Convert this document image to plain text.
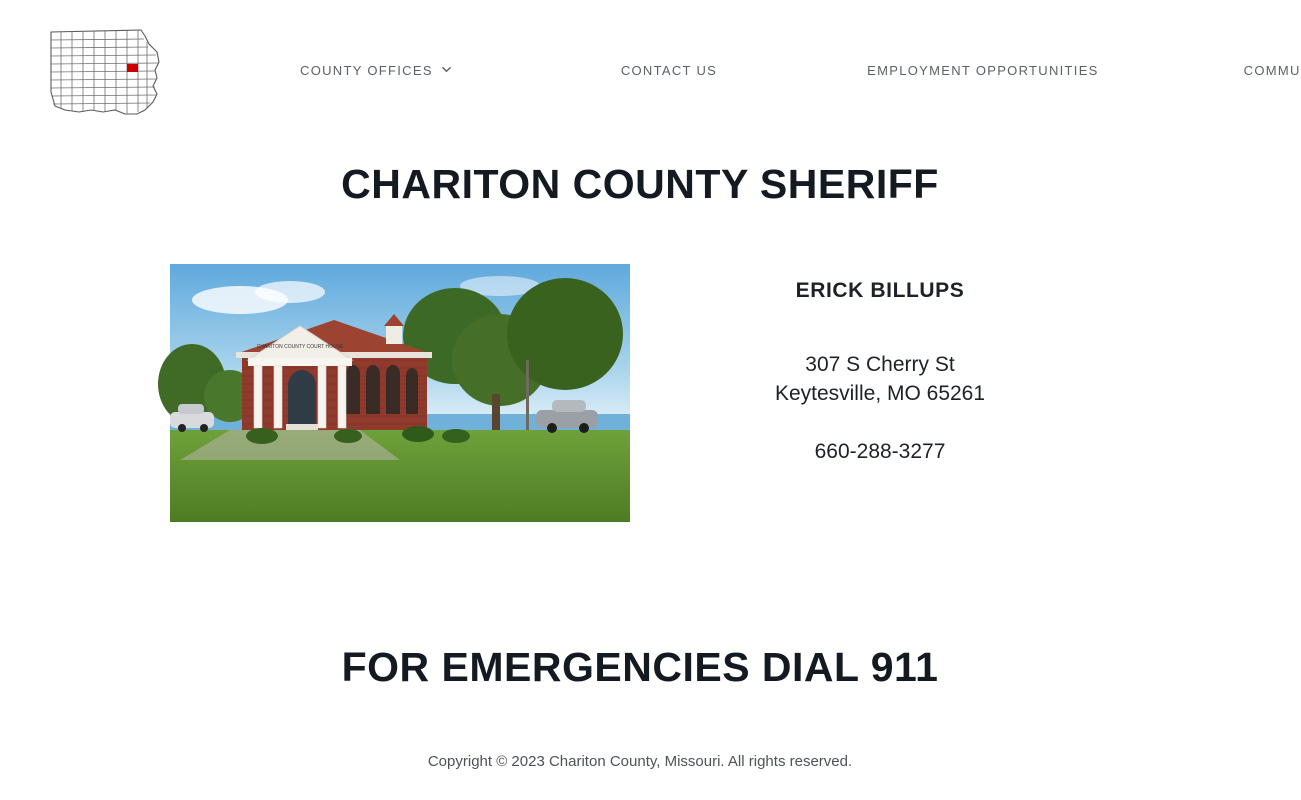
COUNTY OFFICES	CONTACT US	EMPLOYMENT OPPORTUNITIES	COMMU
CHARITON COUNTY SHERIFF
CHARITON COUNTY COURT HOUSE
ERICK BILLUPS
307 S Cherry St
Keytesville, MO 65261
660-288-3277
FOR EMERGENCIES DIAL 911
Copyright © 2023 Chariton County, Missouri. All rights reserved.
